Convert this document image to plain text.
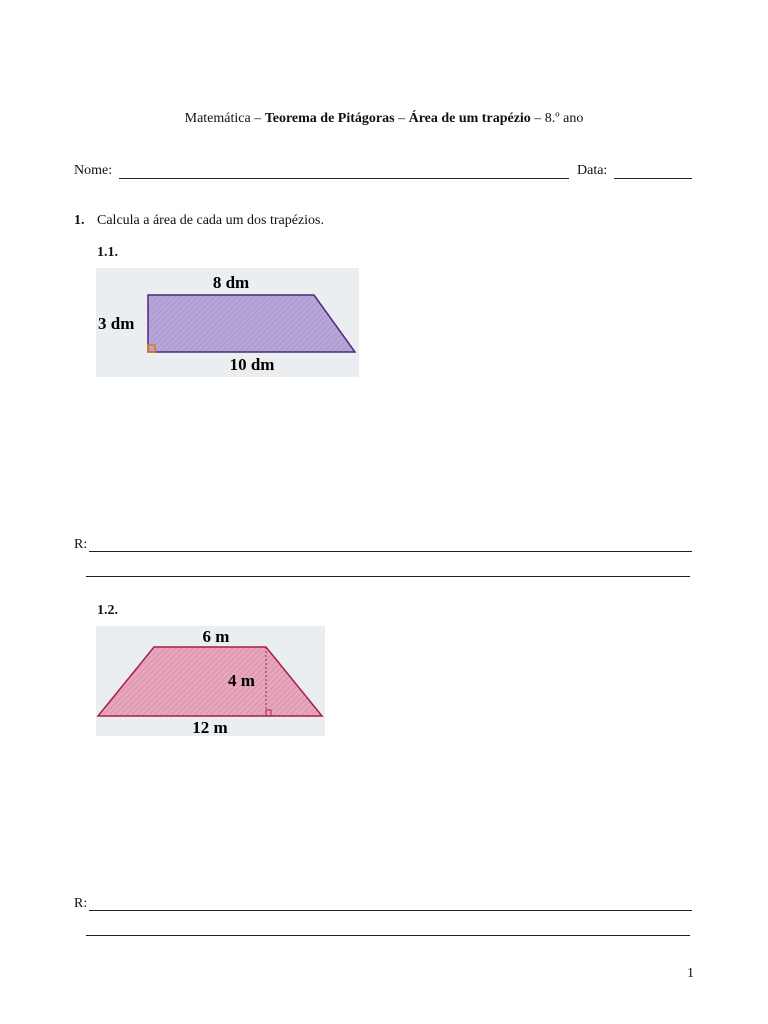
Matemática – Teorema de Pitágoras – Área de um trapézio – 8.º ano
Nome:	Data:
1. Calcula a área de cada um dos trapézios.
1.1.
8 dm
3 dm
10 dm
R:
1.2.
6 m
4 m
12 m
R:
1
